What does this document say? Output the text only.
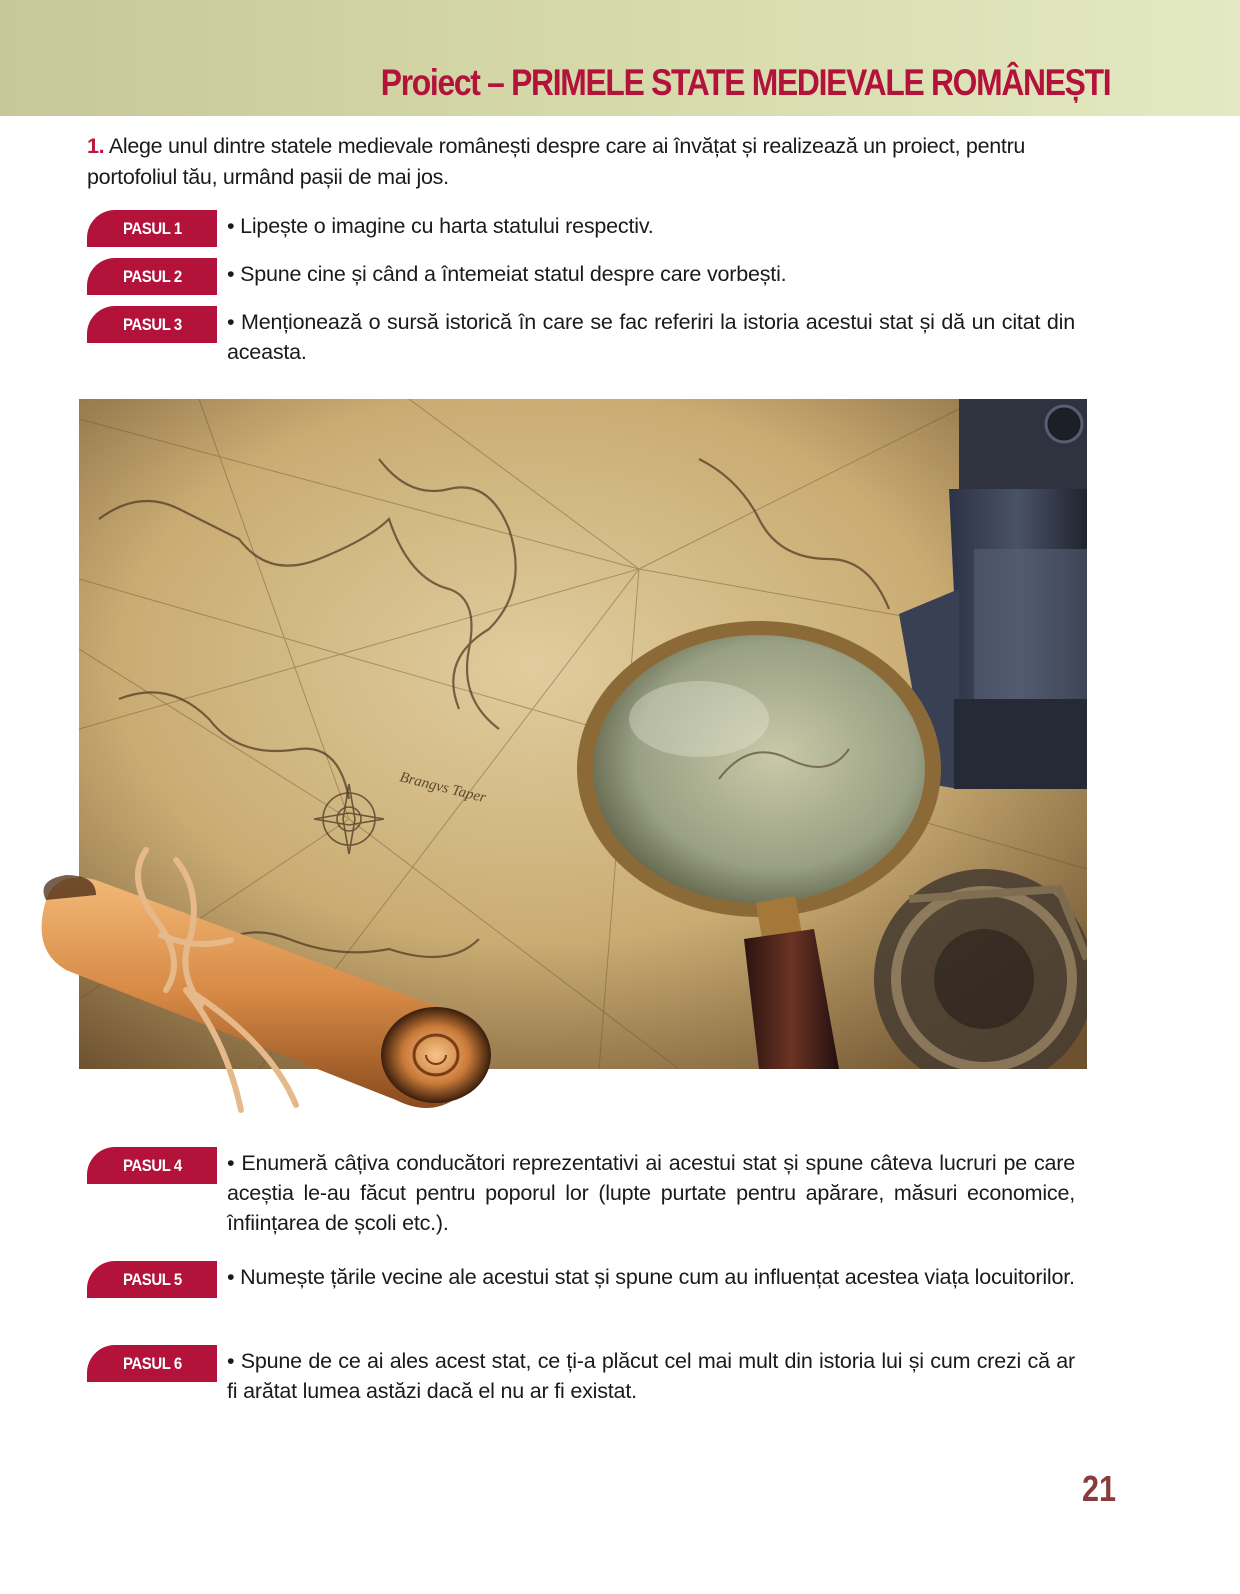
Proiect – PRIMELE STATE MEDIEVALE ROMÂNEȘTI
1. Alege unul dintre statele medievale românești despre care ai învățat și realizează un proiect, pentru portofoliul tău, urmând pașii de mai jos.
PASUL 1 • Lipește o imagine cu harta statului respectiv.
PASUL 2 • Spune cine și când a întemeiat statul despre care vorbești.
PASUL 3 • Menționează o sursă istorică în care se fac referiri la istoria acestui stat și dă un citat din aceasta.
Brangvs Taper
PASUL 4 • Enumeră câțiva conducători reprezentativi ai acestui stat și spune câteva lucruri pe care aceștia le-au făcut pentru poporul lor (lupte purtate pentru apărare, măsuri economice, înființarea de școli etc.).
PASUL 5 • Numește țările vecine ale acestui stat și spune cum au influențat acestea viața locuitorilor.
PASUL 6 • Spune de ce ai ales acest stat, ce ți-a plăcut cel mai mult din istoria lui și cum crezi că ar fi arătat lumea astăzi dacă el nu ar fi existat.
21
